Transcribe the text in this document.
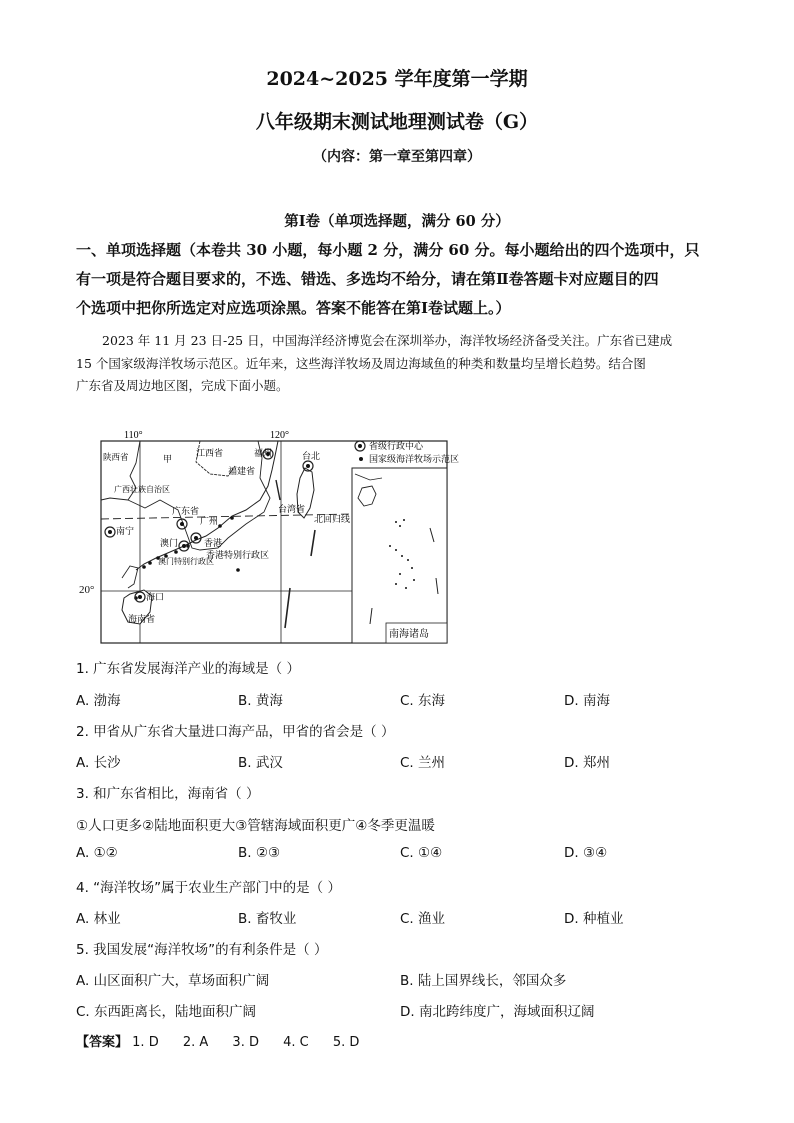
2024~2025 学年度第一学期
八年级期末测试地理测试卷（G）
（内容：第一章至第四章）
第Ⅰ卷（单项选择题，满分 60 分）
一、单项选择题（本卷共 30 小题，每小题 2 分，满分 60 分。每小题给出的四个选项中，只
有一项是符合题目要求的，不选、错选、多选均不给分，请在第Ⅱ卷答题卡对应题目的四
个选项中把你所选定对应选项涂黑。答案不能答在第Ⅰ卷试题上。）
2023 年 11 月 23 日-25 日，中国海洋经济博览会在深圳举办，海洋牧场经济备受关注。广东省已建成
15 个国家级海洋牧场示范区。近年来，这些海洋牧场及周边海域鱼的种类和数量均呈增长趋势。结合图
广东省及周边地区图，完成下面小题。
省级行政中心
国家级海洋牧场示范区
110°	120°
陕西省	甲
江西省	福州
福建省
台北
广西壮族自治区
广东省
广州
台湾省
北回归线
南宁
澳门	香港
香港特别行政区
澳门特别行政区
海口
海南省
南海诸岛
20°
1. 广东省发展海洋产业的海域是（ ）
A. 渤海	B. 黄海	C. 东海	D. 南海
2. 甲省从广东省大量进口海产品，甲省的省会是（ ）
A. 长沙	B. 武汉	C. 兰州	D. 郑州
3. 和广东省相比，海南省（ ）
①人口更多②陆地面积更大③管辖海域面积更广④冬季更温暖
A. ①②	B. ②③	C. ①④	D. ③④
4. “海洋牧场”属于农业生产部门中的是（ ）
A. 林业	B. 畜牧业	C. 渔业	D. 种植业
5. 我国发展“海洋牧场”的有利条件是（ ）
A. 山区面积广大，草场面积广阔	B. 陆上国界线长，邻国众多
C. 东西距离长，陆地面积广阔	D. 南北跨纬度广，海域面积辽阔
【答案】 1. D 2. A 3. D 4. C 5. D
